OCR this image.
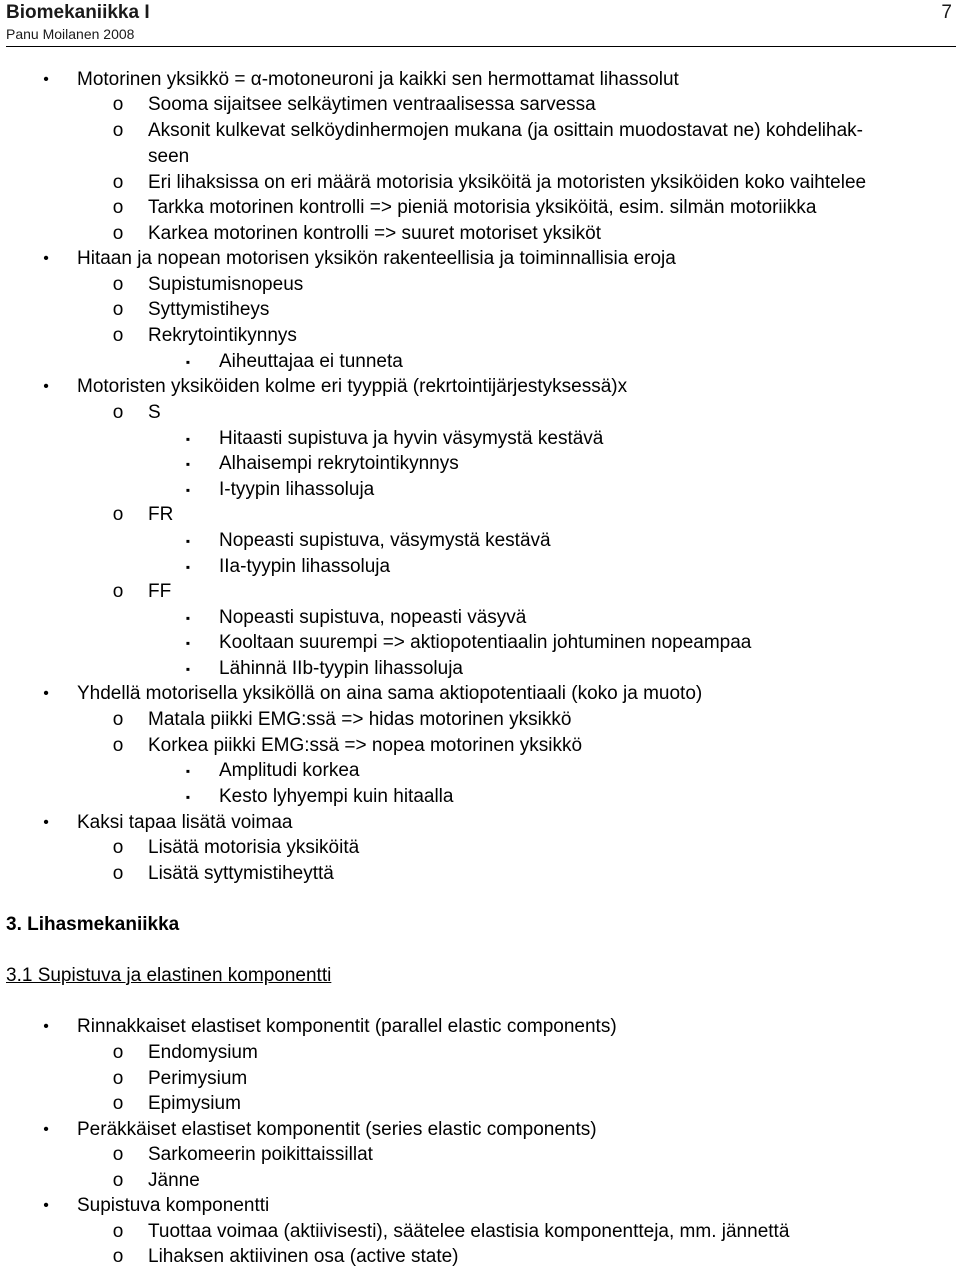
Biomekaniikka I	7
Panu Moilanen 2008
•	Motorinen yksikkö = α-motoneuroni ja kaikki sen hermottamat lihassolut
o Sooma sijaitsee selkäytimen ventraalisessa sarvessa
o Aksonit kulkevat selköydinhermojen mukana (ja osittain muodostavat ne) kohdelihak-
seen
o Eri lihaksissa on eri määrä motorisia yksiköitä ja motoristen yksiköiden koko vaihtelee
o Tarkka motorinen kontrolli => pieniä motorisia yksiköitä, esim. silmän motoriikka
o Karkea motorinen kontrolli => suuret motoriset yksiköt
•	Hitaan ja nopean motorisen yksikön rakenteellisia ja toiminnallisia eroja
o Supistumisnopeus
o Syttymistiheys
o Rekrytointikynnys
▪	Aiheuttajaa ei tunneta
•	Motoristen yksiköiden kolme eri tyyppiä (rekrtointijärjestyksessä)x
o S
▪	Hitaasti supistuva ja hyvin väsymystä kestävä
▪	Alhaisempi rekrytointikynnys
▪	I-tyypin lihassoluja
o FR
▪	Nopeasti supistuva, väsymystä kestävä
▪	IIa-tyypin lihassoluja
o FF
▪	Nopeasti supistuva, nopeasti väsyvä
▪	Kooltaan suurempi => aktiopotentiaalin johtuminen nopeampaa
▪	Lähinnä IIb-tyypin lihassoluja
•	Yhdellä motorisella yksiköllä on aina sama aktiopotentiaali (koko ja muoto)
o Matala piikki EMG:ssä => hidas motorinen yksikkö
o Korkea piikki EMG:ssä => nopea motorinen yksikkö
▪	Amplitudi korkea
▪	Kesto lyhyempi kuin hitaalla
•	Kaksi tapaa lisätä voimaa
o Lisätä motorisia yksiköitä
o Lisätä syttymistiheyttä
3. Lihasmekaniikka
3.1 Supistuva ja elastinen komponentti
•	Rinnakkaiset elastiset komponentit (parallel elastic components)
o Endomysium
o Perimysium
o Epimysium
•	Peräkkäiset elastiset komponentit (series elastic components)
o Sarkomeerin poikittaissillat
o Jänne
•	Supistuva komponentti
o Tuottaa voimaa (aktiivisesti), säätelee elastisia komponentteja, mm. jännettä
o Lihaksen aktiivinen osa (active state)
